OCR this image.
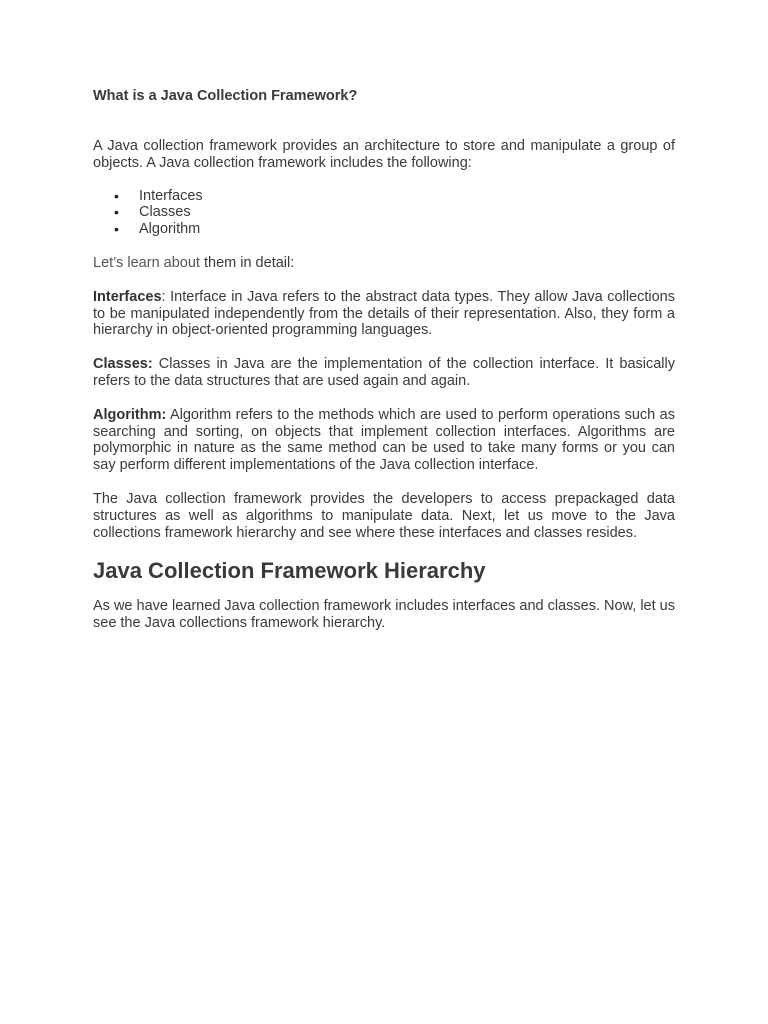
What is a Java Collection Framework?

A Java collection framework provides an architecture to store and manipulate a group of objects. A Java collection framework includes the following:

• Interfaces
• Classes
• Algorithm

Let’s learn about them in detail:

Interfaces: Interface in Java refers to the abstract data types. They allow Java collections to be manipulated independently from the details of their representation. Also, they form a hierarchy in object-oriented programming languages.

Classes: Classes in Java are the implementation of the collection interface. It basically refers to the data structures that are used again and again.

Algorithm: Algorithm refers to the methods which are used to perform operations such as searching and sorting, on objects that implement collection interfaces. Algorithms are polymorphic in nature as the same method can be used to take many forms or you can say perform different implementations of the Java collection interface.

The Java collection framework provides the developers to access prepackaged data structures as well as algorithms to manipulate data. Next, let us move to the Java collections framework hierarchy and see where these interfaces and classes resides.

Java Collection Framework Hierarchy

As we have learned Java collection framework includes interfaces and classes. Now, let us see the Java collections framework hierarchy.
